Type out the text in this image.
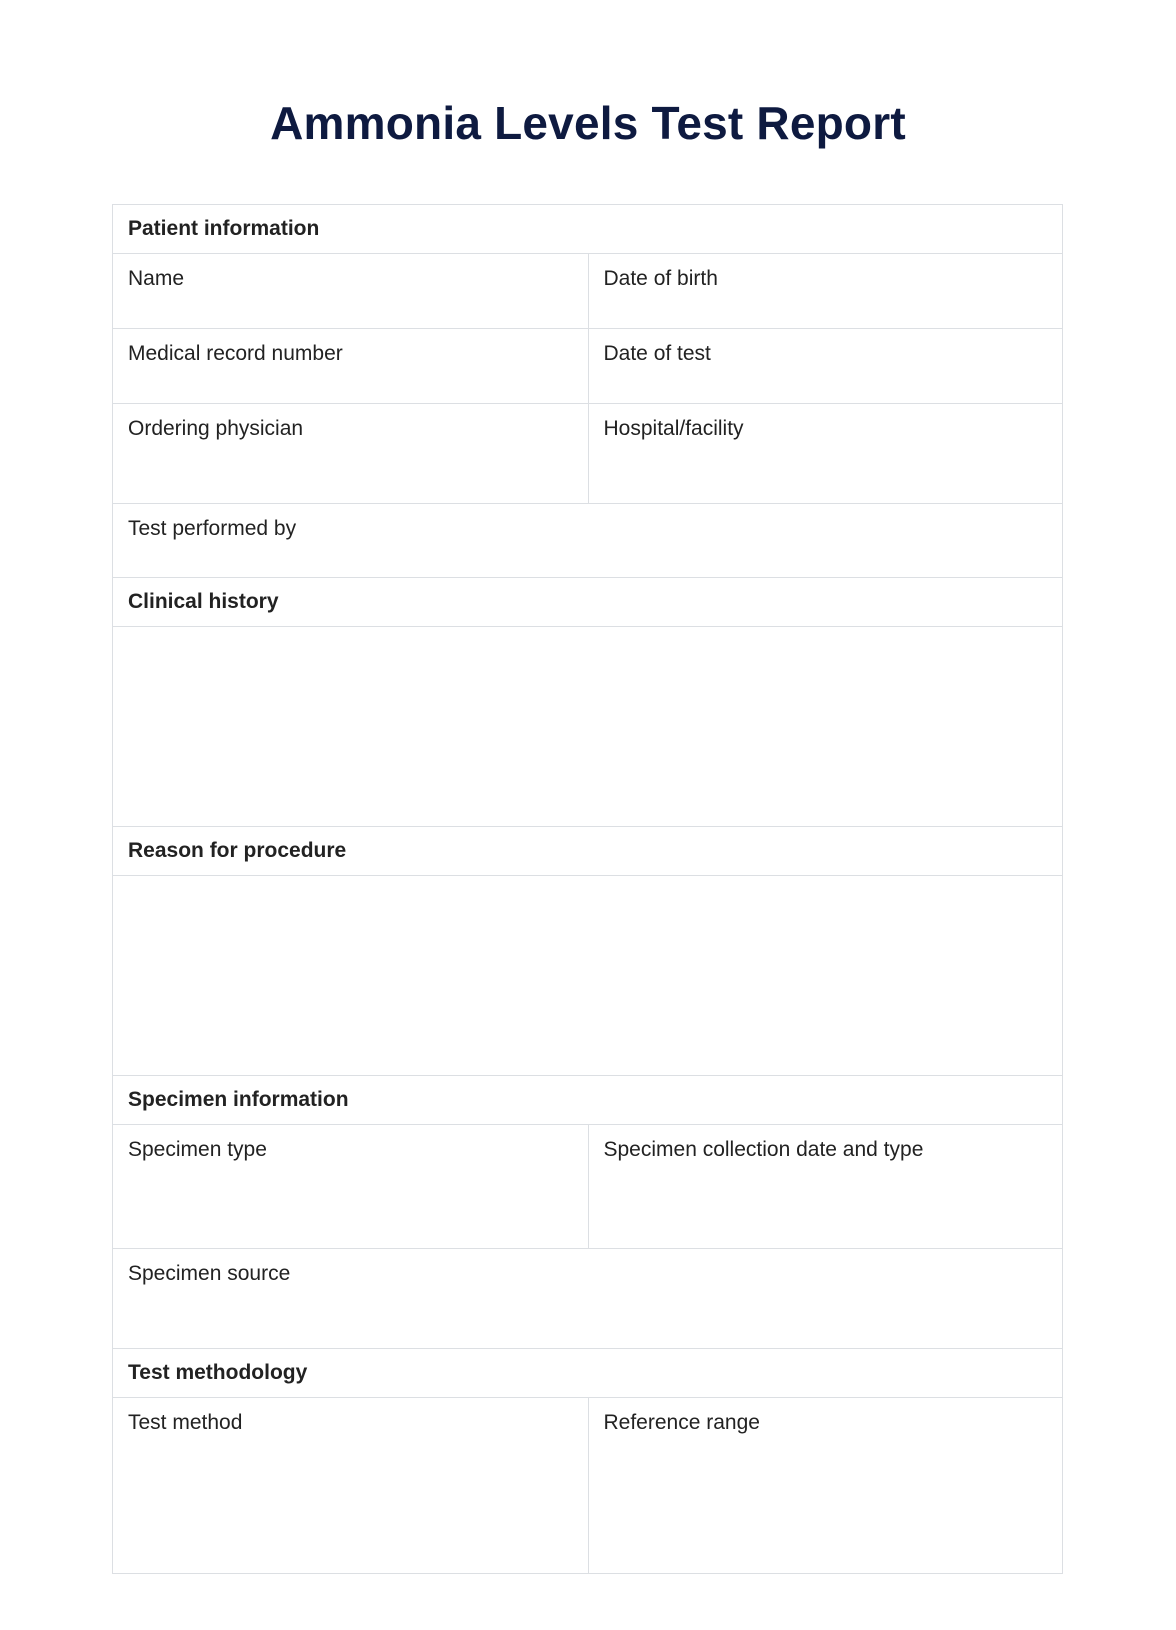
Ammonia Levels Test Report
Patient information
Name	Date of birth
Medical record number	Date of test
Ordering physician	Hospital/facility
Test performed by
Clinical history
Reason for procedure
Specimen information
Specimen type	Specimen collection date and type
Specimen source
Test methodology
Test method	Reference range
